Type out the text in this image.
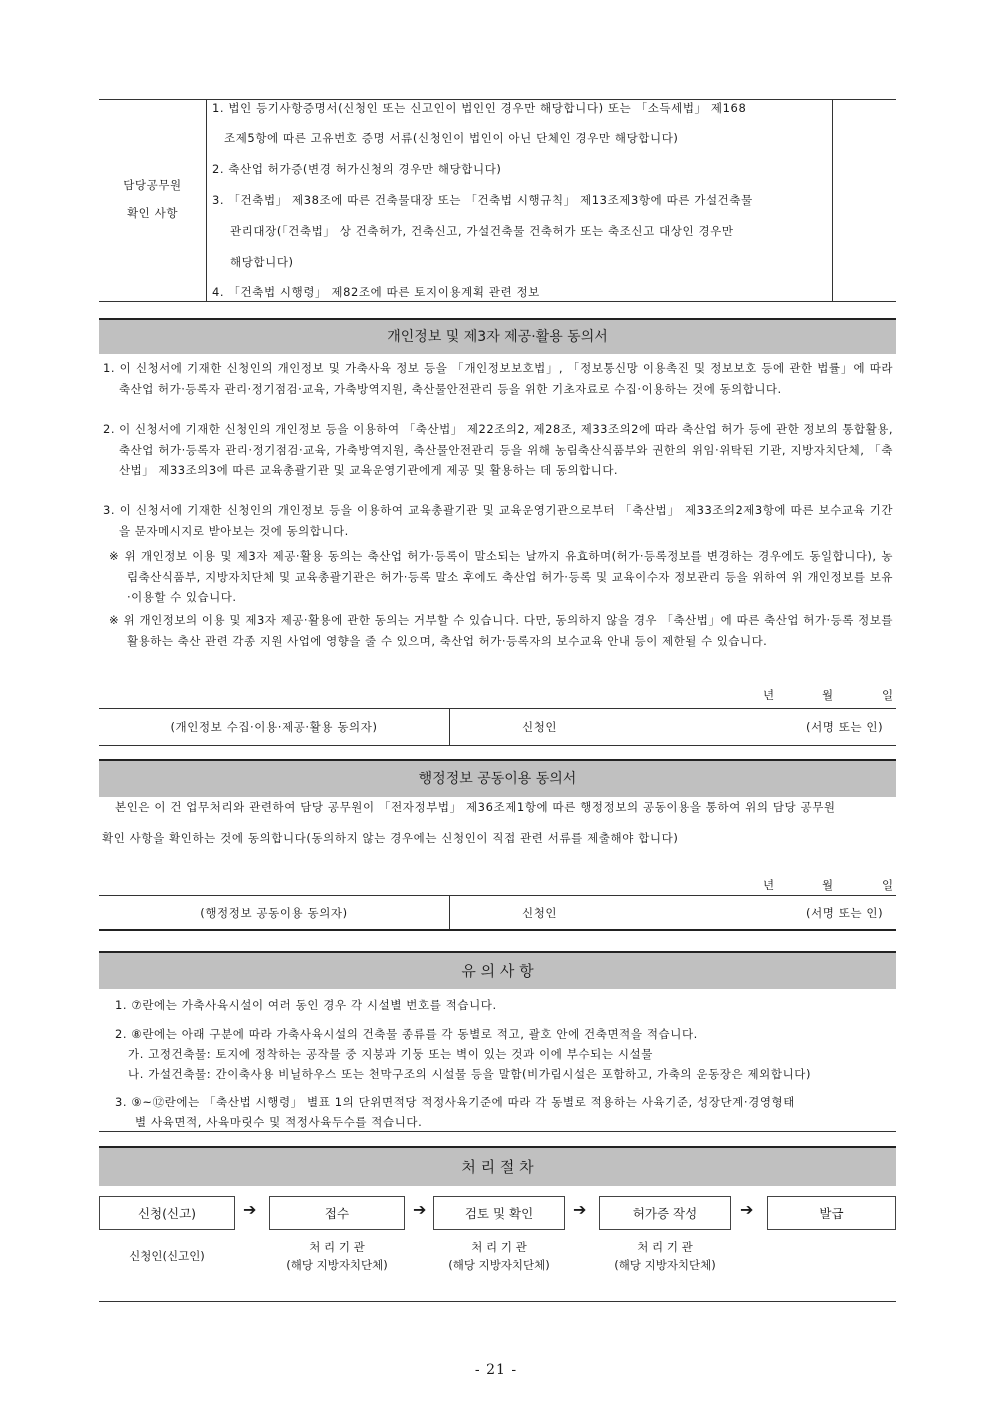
담당공무원
확인 사항
1. 법인 등기사항증명서(신청인 또는 신고인이 법인인 경우만 해당합니다) 또는 「소득세법」 제168
조제5항에 따른 고유번호 증명 서류(신청인이 법인이 아닌 단체인 경우만 해당합니다)
2. 축산업 허가증(변경 허가신청의 경우만 해당합니다)
3. 「건축법」 제38조에 따른 건축물대장 또는 「건축법 시행규칙」 제13조제3항에 따른 가설건축물
관리대장(「건축법」 상 건축허가, 건축신고, 가설건축물 건축허가 또는 축조신고 대상인 경우만
해당합니다)
4. 「건축법 시행령」 제82조에 따른 토지이용계획 관련 정보
개인정보 및 제3자 제공·활용 동의서
1. 이 신청서에 기재한 신청인의 개인정보 및 가축사육 정보 등을 「개인정보보호법」, 「정보통신망 이용촉진 및 정보보호 등에 관한 법률」에 따라 축산업 허가·등록자 관리·정기점검·교육, 가축방역지원, 축산물안전관리 등을 위한 기초자료로 수집·이용하는 것에 동의합니다.
2. 이 신청서에 기재한 신청인의 개인정보 등을 이용하여 「축산법」 제22조의2, 제28조, 제33조의2에 따라 축산업 허가 등에 관한 정보의 통합활용, 축산업 허가·등록자 관리·정기점검·교육, 가축방역지원, 축산물안전관리 등을 위해 농림축산식품부와 권한의 위임·위탁된 기관, 지방자치단체, 「축산법」 제33조의3에 따른 교육총괄기관 및 교육운영기관에게 제공 및 활용하는 데 동의합니다.
3. 이 신청서에 기재한 신청인의 개인정보 등을 이용하여 교육총괄기관 및 교육운영기관으로부터 「축산법」 제33조의2제3항에 따른 보수교육 기간을 문자메시지로 받아보는 것에 동의합니다.
※ 위 개인정보 이용 및 제3자 제공·활용 동의는 축산업 허가·등록이 말소되는 날까지 유효하며(허가·등록정보를 변경하는 경우에도 동일합니다), 농림축산식품부, 지방자치단체 및 교육총괄기관은 허가·등록 말소 후에도 축산업 허가·등록 및 교육이수자 정보관리 등을 위하여 위 개인정보를 보유·이용할 수 있습니다.
※ 위 개인정보의 이용 및 제3자 제공·활용에 관한 동의는 거부할 수 있습니다. 다만, 동의하지 않을 경우 「축산법」에 따른 축산업 허가·등록 정보를 활용하는 축산 관련 각종 지원 사업에 영향을 줄 수 있으며, 축산업 허가·등록자의 보수교육 안내 등이 제한될 수 있습니다.
년	월	일
(개인정보 수집·이용·제공·활용 동의자)	신청인	(서명 또는 인)
행정정보 공동이용 동의서
본인은 이 건 업무처리와 관련하여 담당 공무원이 「전자정부법」 제36조제1항에 따른 행정정보의 공동이용을 통하여 위의 담당 공무원
확인 사항을 확인하는 것에 동의합니다(동의하지 않는 경우에는 신청인이 직접 관련 서류를 제출해야 합니다)
년	월	일
(행정정보 공동이용 동의자)	신청인	(서명 또는 인)
유 의 사 항
1. ⑦란에는 가축사육시설이 여러 동인 경우 각 시설별 번호를 적습니다.
2. ⑧란에는 아래 구분에 따라 가축사육시설의 건축물 종류를 각 동별로 적고, 괄호 안에 건축면적을 적습니다.
가. 고정건축물: 토지에 정착하는 공작물 중 지붕과 기둥 또는 벽이 있는 것과 이에 부수되는 시설물
나. 가설건축물: 간이축사용 비닐하우스 또는 천막구조의 시설물 등을 말함(비가림시설은 포함하고, 가축의 운동장은 제외합니다)
3. ⑨~⑫란에는 「축산법 시행령」 별표 1의 단위면적당 적정사육기준에 따라 각 동별로 적용하는 사육기준, 성장단계·경영형태
별 사육면적, 사육마릿수 및 적정사육두수를 적습니다.
처 리 절 차
신청(신고)	➔	접수	➔	검토 및 확인	➔	허가증 작성	➔	발급
신청인(신고인)
처 리 기 관
(해당 지방자치단체)
처 리 기 관
(해당 지방자치단체)
처 리 기 관
(해당 지방자치단체)
- 21 -
